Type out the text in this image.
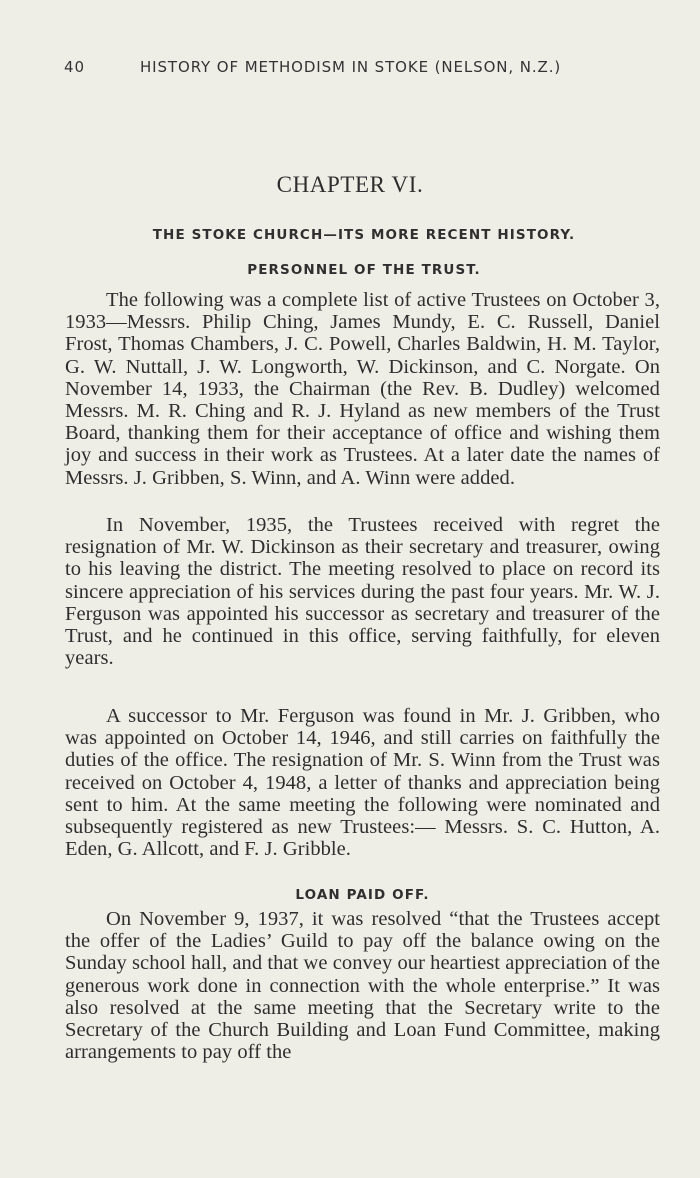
40	HISTORY OF METHODISM IN STOKE (NELSON, N.Z.)
CHAPTER VI.
THE STOKE CHURCH—ITS MORE RECENT HISTORY.
PERSONNEL OF THE TRUST.

The following was a complete list of active Trustees on October 3, 1933—Messrs. Philip Ching, James Mundy, E. C. Russell, Daniel Frost, Thomas Chambers, J. C. Powell, Charles Baldwin, H. M. Taylor, G. W. Nuttall, J. W. Longworth, W. Dickinson, and C. Norgate. On November 14, 1933, the Chairman (the Rev. B. Dudley) welcomed Messrs. M. R. Ching and R. J. Hyland as new members of the Trust Board, thanking them for their acceptance of office and wishing them joy and success in their work as Trustees. At a later date the names of Messrs. J. Gribben, S. Winn, and A. Winn were added.

In November, 1935, the Trustees received with regret the resignation of Mr. W. Dickinson as their secretary and treasurer, owing to his leaving the district. The meeting resolved to place on record its sincere appreciation of his services during the past four years. Mr. W. J. Ferguson was appointed his successor as secretary and treasurer of the Trust, and he continued in this office, serving faithfully, for eleven years.

A successor to Mr. Ferguson was found in Mr. J. Gribben, who was appointed on October 14, 1946, and still carries on faithfully the duties of the office. The resignation of Mr. S. Winn from the Trust was received on October 4, 1948, a letter of thanks and appreciation being sent to him. At the same meeting the following were nominated and subsequently registered as new Trustees:— Messrs. S. C. Hutton, A. Eden, G. Allcott, and F. J. Gribble.

LOAN PAID OFF.

On November 9, 1937, it was resolved “that the Trustees accept the offer of the Ladies’ Guild to pay off the balance owing on the Sunday school hall, and that we convey our heartiest appreciation of the generous work done in connection with the whole enterprise.” It was also resolved at the same meeting that the Secretary write to the Secretary of the Church Building and Loan Fund Committee, making arrangements to pay off the
